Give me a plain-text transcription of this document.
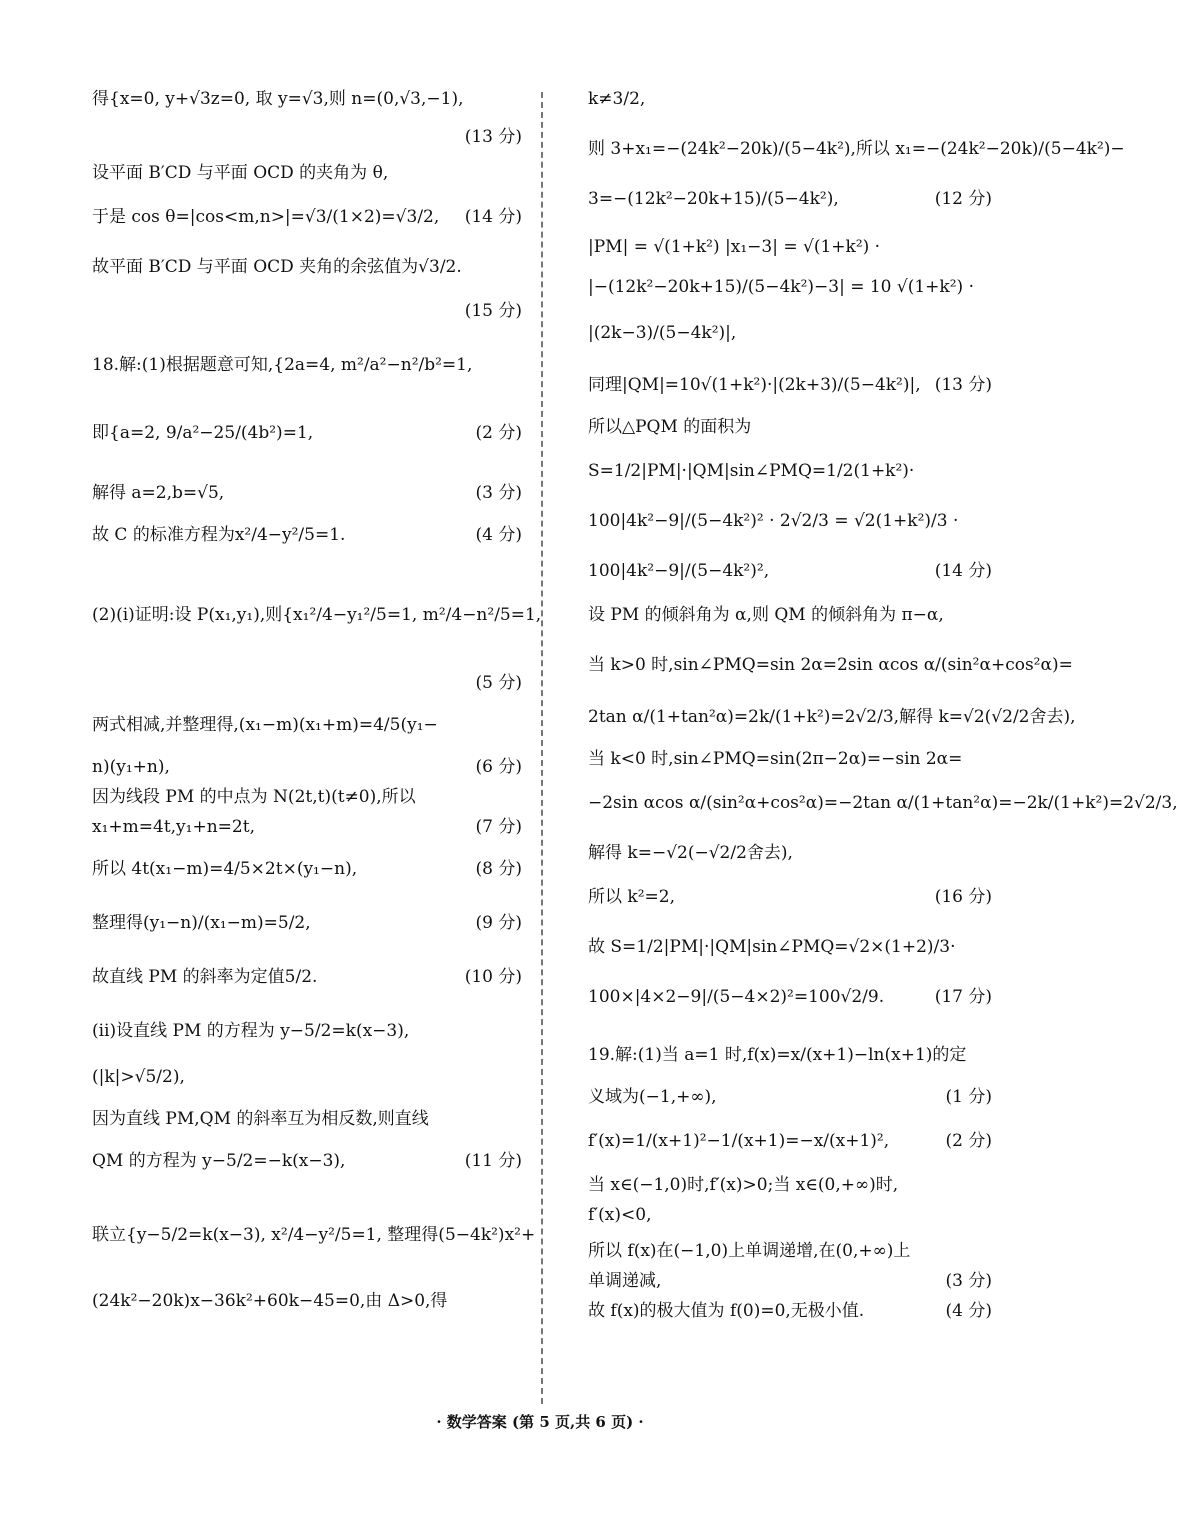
得{x=0, y+√3z=0, 取 y=√3,则 n=(0,√3,−1),
(13 分)
设平面 B′CD 与平面 OCD 的夹角为 θ,
于是 cos θ=|cos<m,n>|=√3/(1×2)=√3/2,	(14 分)
故平面 B′CD 与平面 OCD 夹角的余弦值为√3/2.
(15 分)
18.解:(1)根据题意可知,{2a=4, m²/a²−n²/b²=1,
即{a=2, 9/a²−25/(4b²)=1,	(2 分)
解得 a=2,b=√5,	(3 分)
故 C 的标准方程为x²/4−y²/5=1.	(4 分)
(2)(ⅰ)证明:设 P(x₁,y₁),则{x₁²/4−y₁²/5=1, m²/4−n²/5=1,
(5 分)
两式相减,并整理得,(x₁−m)(x₁+m)=4/5(y₁−
n)(y₁+n),	(6 分)
因为线段 PM 的中点为 N(2t,t)(t≠0),所以
x₁+m=4t,y₁+n=2t,	(7 分)
所以 4t(x₁−m)=4/5×2t×(y₁−n),	(8 分)
整理得(y₁−n)/(x₁−m)=5/2,	(9 分)
故直线 PM 的斜率为定值5/2.	(10 分)
(ⅱ)设直线 PM 的方程为 y−5/2=k(x−3),
(|k|>√5/2),
因为直线 PM,QM 的斜率互为相反数,则直线
QM 的方程为 y−5/2=−k(x−3),	(11 分)
联立{y−5/2=k(x−3), x²/4−y²/5=1, 整理得(5−4k²)x²+
(24k²−20k)x−36k²+60k−45=0,由 Δ>0,得
k≠3/2,
则 3+x₁=−(24k²−20k)/(5−4k²),所以 x₁=−(24k²−20k)/(5−4k²)−
3=−(12k²−20k+15)/(5−4k²),	(12 分)
|PM| = √(1+k²) |x₁−3| = √(1+k²) ·
|−(12k²−20k+15)/(5−4k²)−3| = 10 √(1+k²) ·
|(2k−3)/(5−4k²)|,
同理|QM|=10√(1+k²)·|(2k+3)/(5−4k²)|, (13 分)
所以△PQM 的面积为
S=1/2|PM|·|QM|sin∠PMQ=1/2(1+k²)·
100|4k²−9|/(5−4k²)² · 2√2/3 = √2(1+k²)/3 ·
100|4k²−9|/(5−4k²)²,	(14 分)
设 PM 的倾斜角为 α,则 QM 的倾斜角为 π−α,
当 k>0 时,sin∠PMQ=sin 2α=2sin αcos α/(sin²α+cos²α)=
2tan α/(1+tan²α)=2k/(1+k²)=2√2/3,解得 k=√2(√2/2舍去),
当 k<0 时,sin∠PMQ=sin(2π−2α)=−sin 2α=
−2sin αcos α/(sin²α+cos²α)=−2tan α/(1+tan²α)=−2k/(1+k²)=2√2/3,
解得 k=−√2(−√2/2舍去),
所以 k²=2,	(16 分)
故 S=1/2|PM|·|QM|sin∠PMQ=√2×(1+2)/3·
100×|4×2−9|/(5−4×2)²=100√2/9.	(17 分)
19.解:(1)当 a=1 时,f(x)=x/(x+1)−ln(x+1)的定
义域为(−1,+∞),	(1 分)
f′(x)=1/(x+1)²−1/(x+1)=−x/(x+1)²,	(2 分)
当 x∈(−1,0)时,f′(x)>0;当 x∈(0,+∞)时,
f′(x)<0,
所以 f(x)在(−1,0)上单调递增,在(0,+∞)上
单调递减,	(3 分)
故 f(x)的极大值为 f(0)=0,无极小值.	(4 分)
· 数学答案 (第 5 页,共 6 页) ·
